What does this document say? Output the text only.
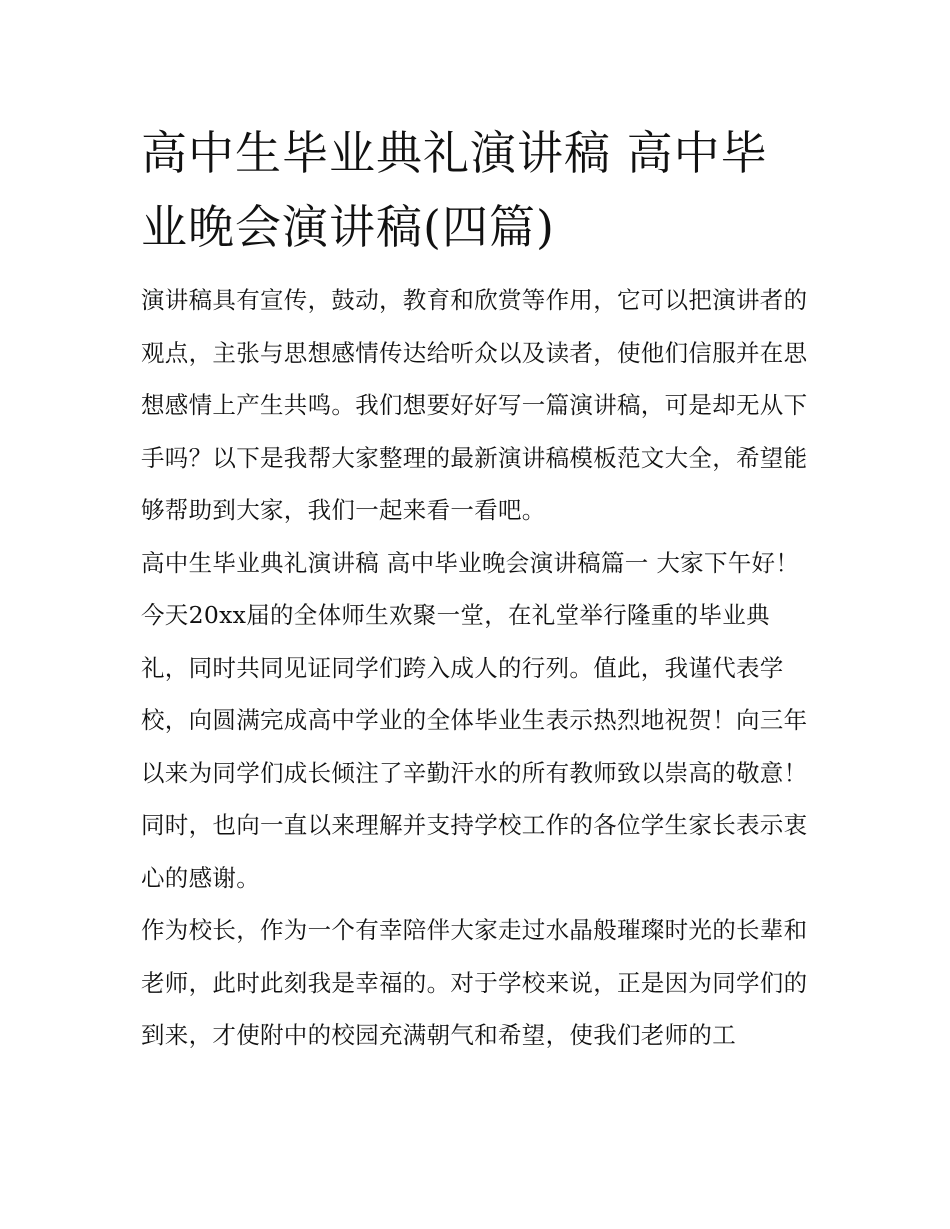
高中生毕业典礼演讲稿 高中毕业晚会演讲稿(四篇)

演讲稿具有宣传，鼓动，教育和欣赏等作用，它可以把演讲者的观点，主张与思想感情传达给听众以及读者，使他们信服并在思想感情上产生共鸣。我们想要好好写一篇演讲稿，可是却无从下手吗？以下是我帮大家整理的最新演讲稿模板范文大全，希望能够帮助到大家，我们一起来看一看吧。

高中生毕业典礼演讲稿 高中毕业晚会演讲稿篇一 大家下午好！

今天20xx届的全体师生欢聚一堂，在礼堂举行隆重的毕业典礼，同时共同见证同学们跨入成人的行列。值此，我谨代表学校，向圆满完成高中学业的全体毕业生表示热烈地祝贺！向三年以来为同学们成长倾注了辛勤汗水的所有教师致以崇高的敬意！同时，也向一直以来理解并支持学校工作的各位学生家长表示衷心的感谢。

作为校长，作为一个有幸陪伴大家走过水晶般璀璨时光的长辈和老师，此时此刻我是幸福的。对于学校来说，正是因为同学们的到来，才使附中的校园充满朝气和希望，使我们老师的工
